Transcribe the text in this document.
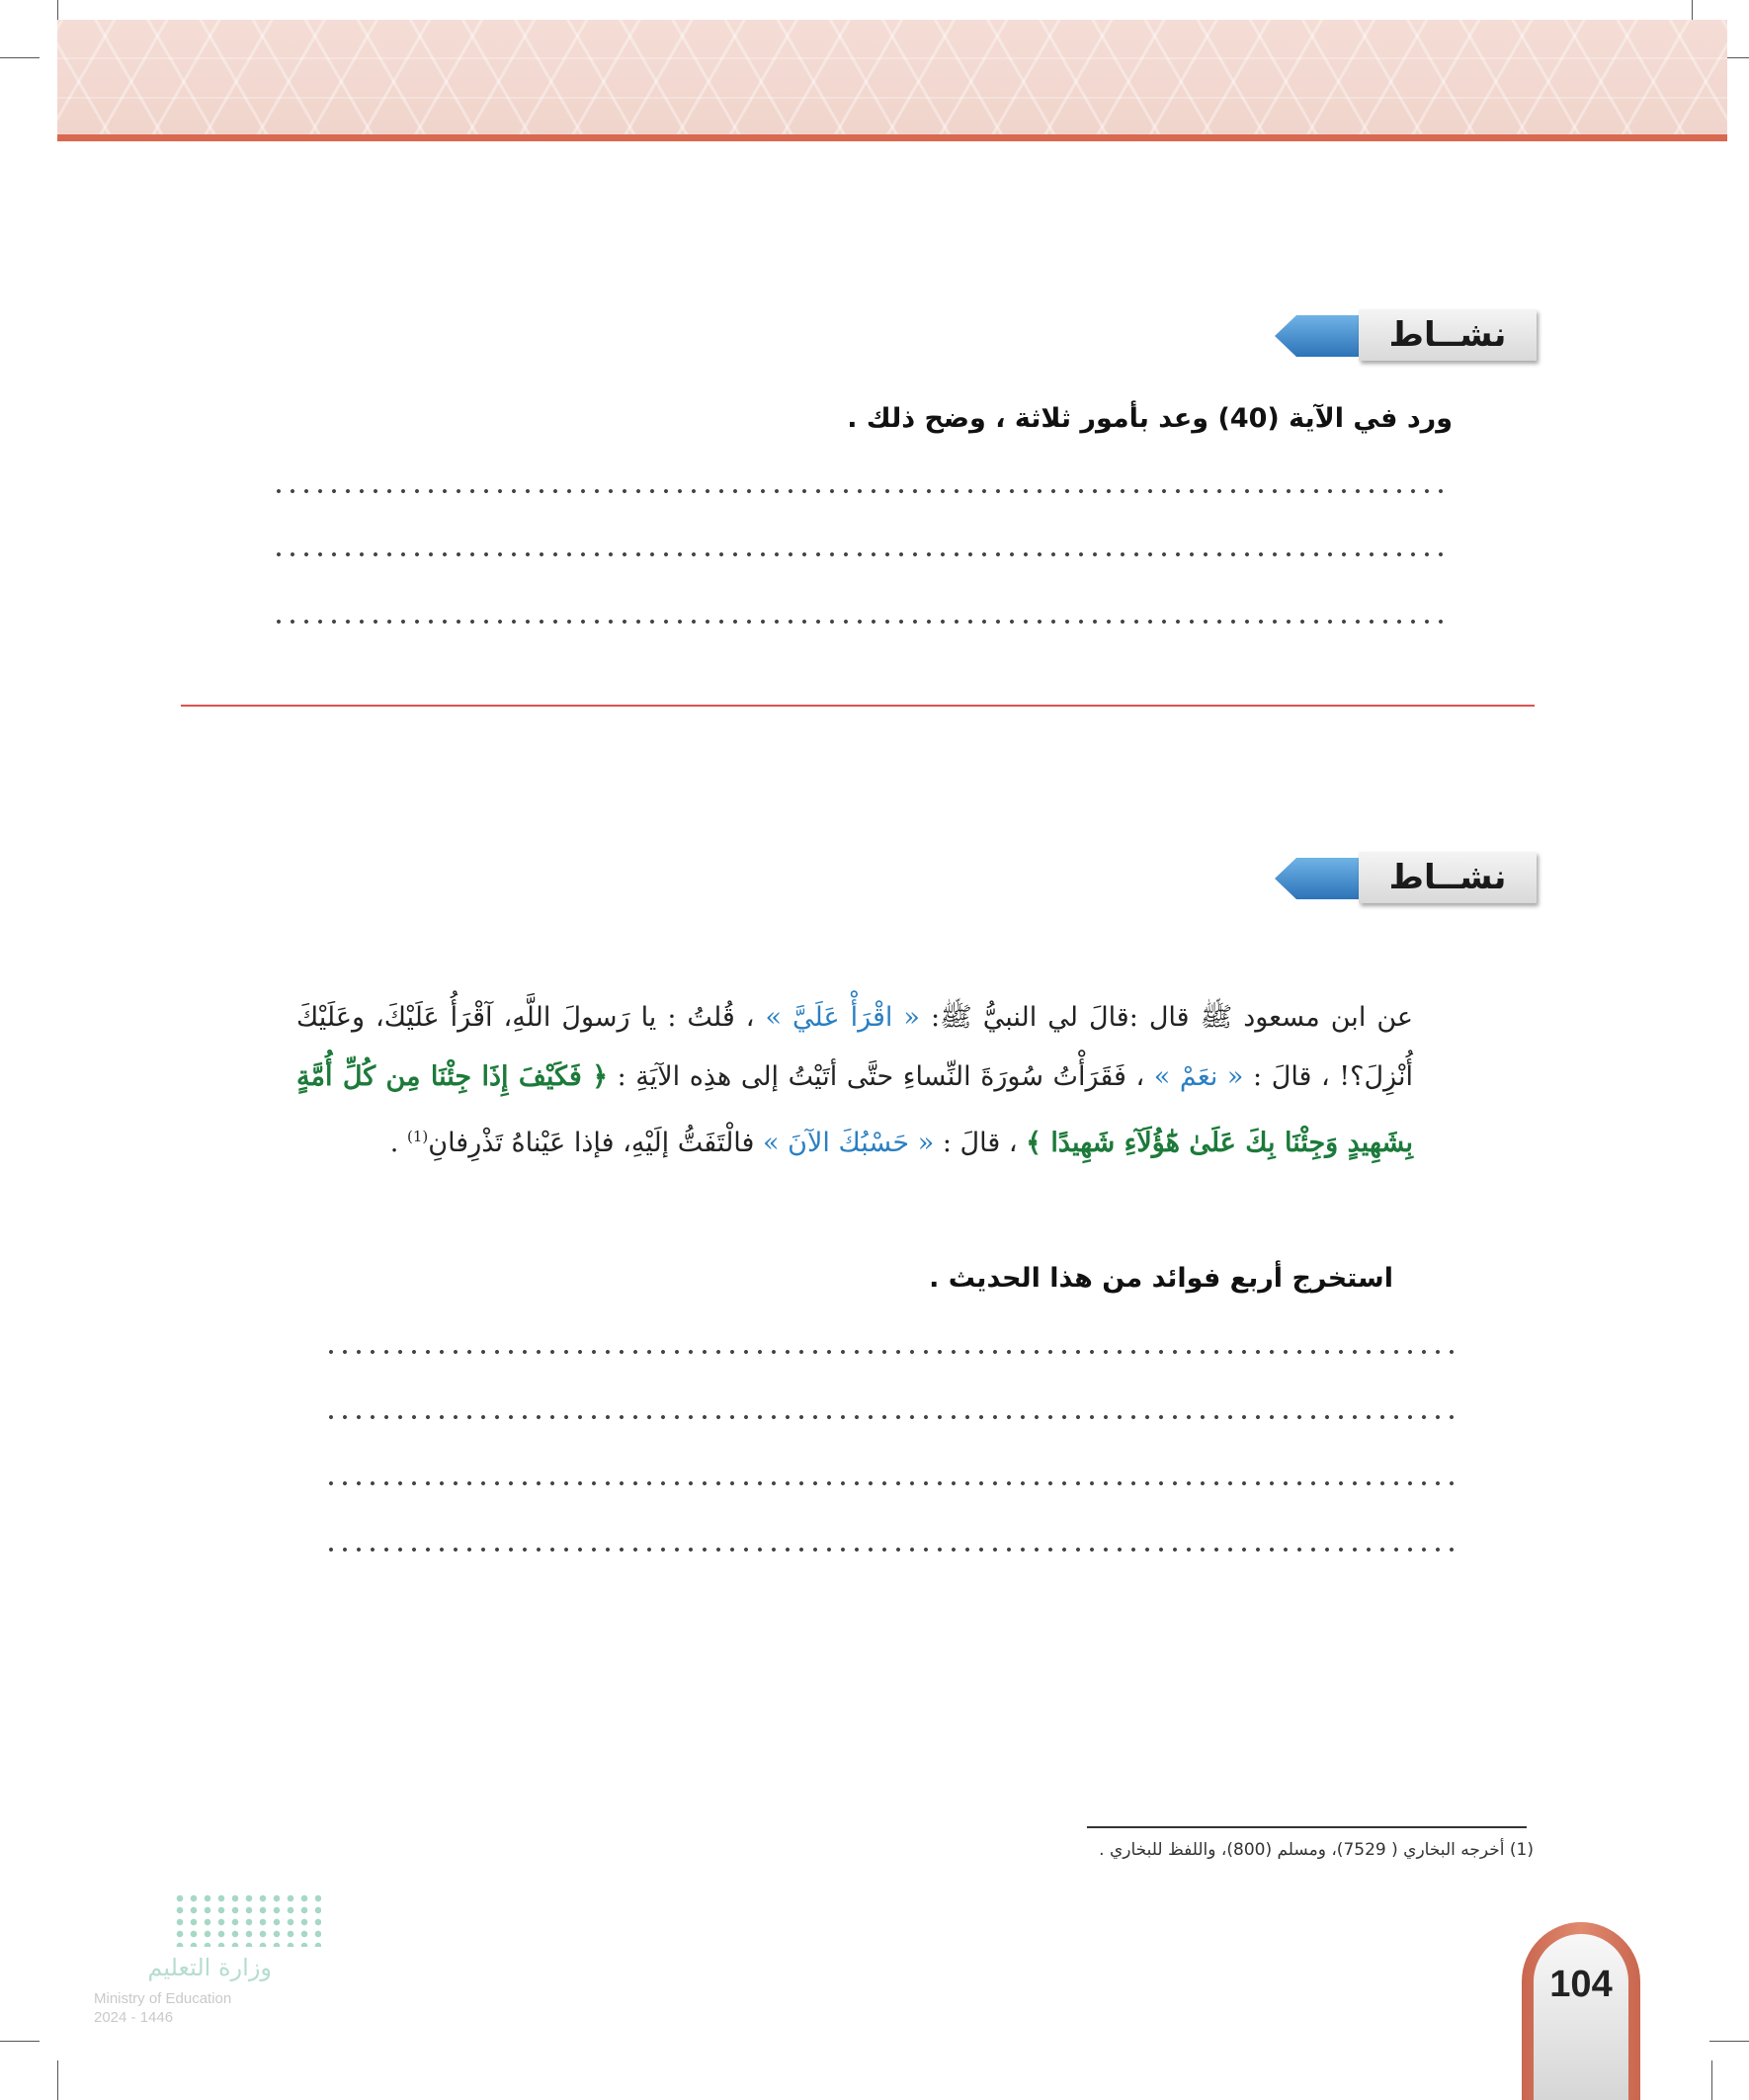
نشــاط
ورد في الآية (40) وعد بأمور ثلاثة ، وضح ذلك .
نشــاط
عن ابن مسعود ﷺ قال :قالَ لي النبيُّ ﷺ: « اقْرَأْ عَلَيَّ » ، قُلتُ : يا رَسولَ اللَّهِ، آقْرَأُ عَلَيْكَ، وعَلَيْكَ أُنْزِلَ؟! ، قالَ : « نعَمْ » ، فَقَرَأْتُ سُورَةَ النِّساءِ حتَّى أتَيْتُ إلى هذِه الآيَةِ : ﴿ فَكَيْفَ إِذَا جِئْنَا مِن كُلِّ أُمَّةٍ بِشَهِيدٍ وَجِئْنَا بِكَ عَلَىٰ هَٰٓؤُلَآءِ شَهِيدًا ﴾ ، قالَ : « حَسْبُكَ الآنَ » فالْتَفَتُّ إلَيْهِ، فإذا عَيْناهُ تَذْرِفانِ$^{(1)}$ .
استخرج أربع فوائد من هذا الحديث .
(1) أخرجه البخاري ( 7529)، ومسلم (800)، واللفظ للبخاري .
وزارة التعليم
Ministry of Education
2024 - 1446
104
